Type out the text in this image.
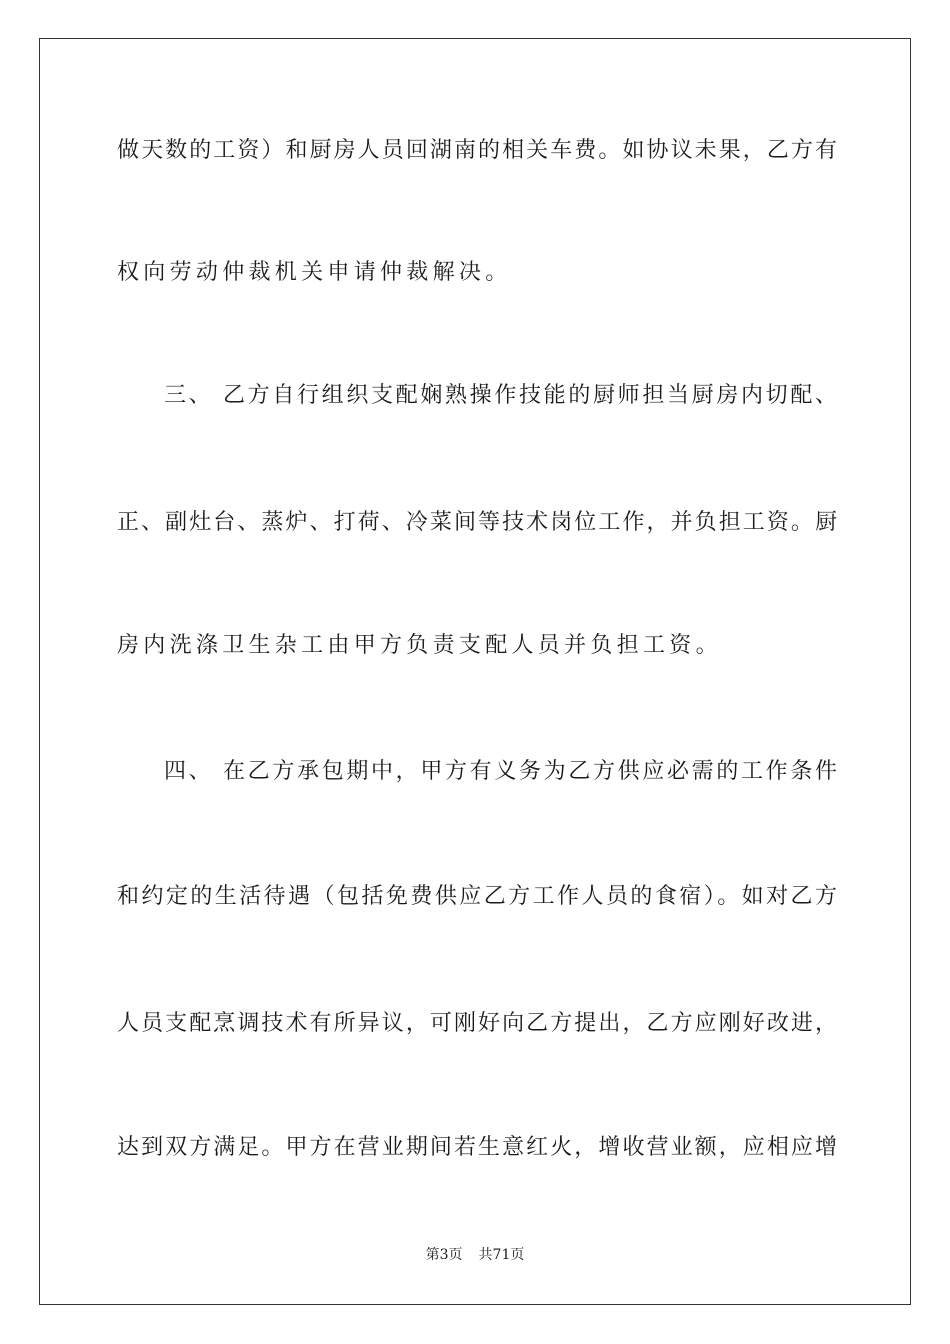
做天数的工资）和厨房人员回湖南的相关车费。如协议未果，乙方有

权向劳动仲裁机关申请仲裁解决。

三、 乙方自行组织支配娴熟操作技能的厨师担当厨房内切配、

正、副灶台、蒸炉、打荷、冷菜间等技术岗位工作，并负担工资。厨

房内洗涤卫生杂工由甲方负责支配人员并负担工资。

四、 在乙方承包期中，甲方有义务为乙方供应必需的工作条件

和约定的生活待遇（包括免费供应乙方工作人员的食宿）。如对乙方

人员支配烹调技术有所异议，可刚好向乙方提出，乙方应刚好改进，

达到双方满足。甲方在营业期间若生意红火，增收营业额，应相应增

第3页 共71页
